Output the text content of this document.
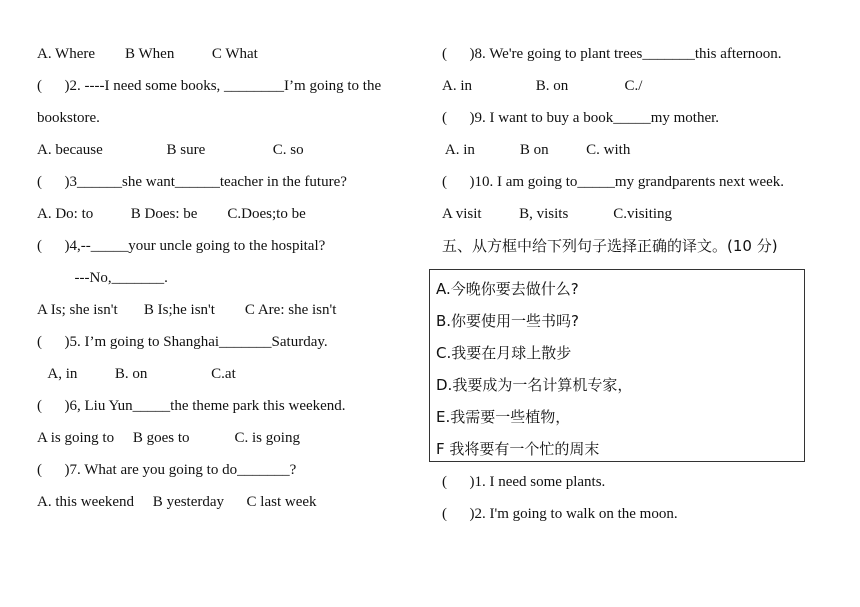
A. Where        B When          C What
(      )2. ----I need some books, ________I’m going to the
bookstore.
A. because                 B sure                  C. so
(      )3______she want______teacher in the future?
A. Do: to          B Does: be        C.Does;to be
(      )4,--_____your uncle going to the hospital?
---No,_______.
A Is; she isn't       B Is;he isn't        C Are: she isn't
(      )5. I’m going to Shanghai_______Saturday.
A, in          B. on                 C.at
(      )6, Liu Yun_____the theme park this weekend.
A is going to     B goes to            C. is going
(      )7. What are you going to do_______?
A. this weekend     B yesterday      C last week
(      )8. We're going to plant trees_______this afternoon.
A. in                 B. on               C./
(      )9. I want to buy a book_____my mother.
A. in            B on          C. with
(      )10. I am going to_____my grandparents next week.
A visit          B, visits            C.visiting
五、从方框中给下列句子选择正确的译文。(10 分)
A.今晚你要去做什么?
B.你要使用一些书吗?
C.我要在月球上散步
D.我要成为一名计算机专家，
E.我需要一些植物，
F 我将要有一个忙的周末
(      )1. I need some plants.
(      )2. I'm going to walk on the moon.
